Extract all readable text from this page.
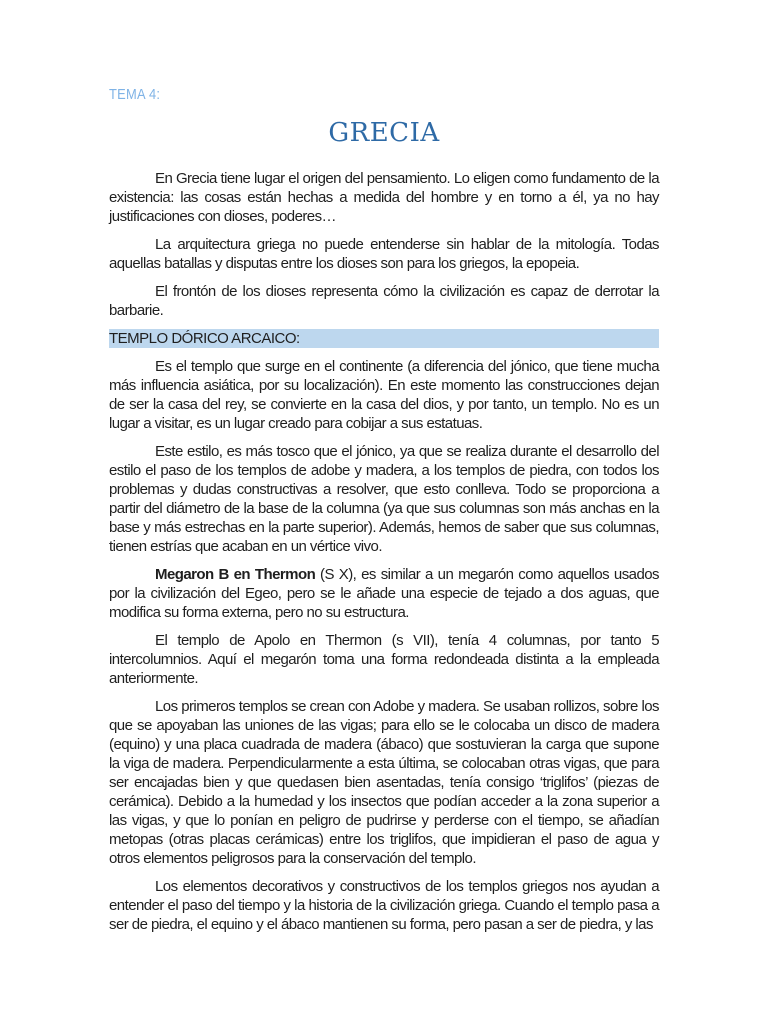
TEMA 4:
GRECIA

En Grecia tiene lugar el origen del pensamiento. Lo eligen como fundamento de la existencia: las cosas están hechas a medida del hombre y en torno a él, ya no hay justificaciones con dioses, poderes…

La arquitectura griega no puede entenderse sin hablar de la mitología. Todas aquellas batallas y disputas entre los dioses son para los griegos, la epopeia.

El frontón de los dioses representa cómo la civilización es capaz de derrotar la barbarie.

TEMPLO DÓRICO ARCAICO:

Es el templo que surge en el continente (a diferencia del jónico, que tiene mucha más influencia asiática, por su localización). En este momento las construcciones dejan de ser la casa del rey, se convierte en la casa del dios, y por tanto, un templo. No es un lugar a visitar, es un lugar creado para cobijar a sus estatuas.

Este estilo, es más tosco que el jónico, ya que se realiza durante el desarrollo del estilo el paso de los templos de adobe y madera, a los templos de piedra, con todos los problemas y dudas constructivas a resolver, que esto conlleva. Todo se proporciona a partir del diámetro de la base de la columna (ya que sus columnas son más anchas en la base y más estrechas en la parte superior). Además, hemos de saber que sus columnas, tienen estrías que acaban en un vértice vivo.

Megaron B en Thermon (S X), es similar a un megarón como aquellos usados por la civilización del Egeo, pero se le añade una especie de tejado a dos aguas, que modifica su forma externa, pero no su estructura.

El templo de Apolo en Thermon (s VII), tenía 4 columnas, por tanto 5 intercolumnios. Aquí el megarón toma una forma redondeada distinta a la empleada anteriormente.

Los primeros templos se crean con Adobe y madera. Se usaban rollizos, sobre los que se apoyaban las uniones de las vigas; para ello se le colocaba un disco de madera (equino) y una placa cuadrada de madera (ábaco) que sostuvieran la carga que supone la viga de madera. Perpendicularmente a esta última, se colocaban otras vigas, que para ser encajadas bien y que quedasen bien asentadas, tenía consigo ‘triglifos’ (piezas de cerámica). Debido a la humedad y los insectos que podían acceder a la zona superior a las vigas, y que lo ponían en peligro de pudrirse y perderse con el tiempo, se añadían metopas (otras placas cerámicas) entre los triglifos, que impidieran el paso de agua y otros elementos peligrosos para la conservación del templo.

Los elementos decorativos y constructivos de los templos griegos nos ayudan a entender el paso del tiempo y la historia de la civilización griega. Cuando el templo pasa a ser de piedra, el equino y el ábaco mantienen su forma, pero pasan a ser de piedra, y las
